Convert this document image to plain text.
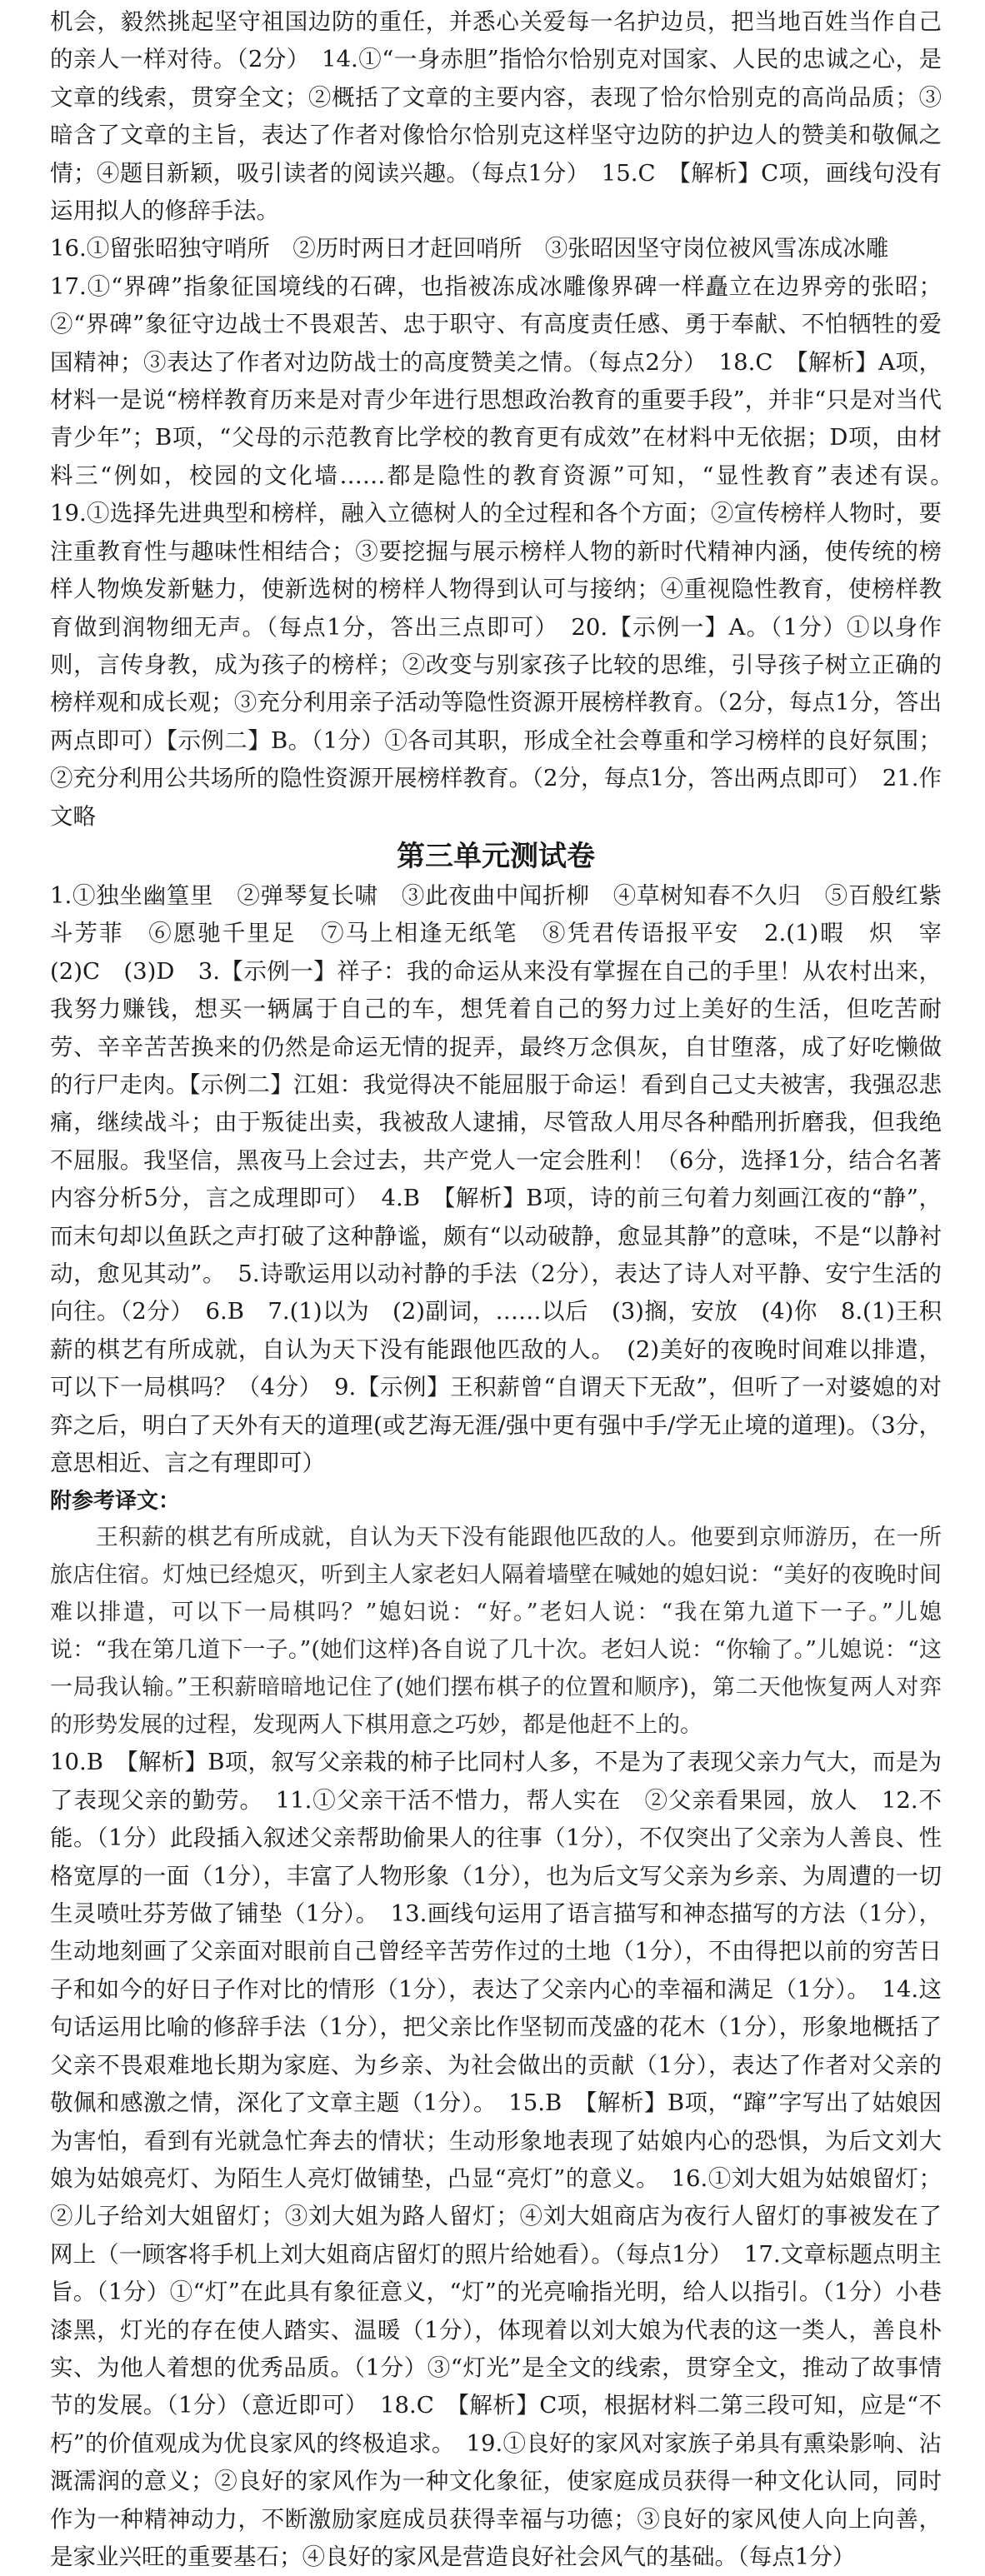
机会，毅然挑起坚守祖国边防的重任，并悉心关爱每一名护边员，把当地百姓当作自己的亲人一样对待。（2分）　14.①“一身赤胆”指恰尔恰别克对国家、人民的忠诚之心，是文章的线索，贯穿全文；②概括了文章的主要内容，表现了恰尔恰别克的高尚品质；③暗含了文章的主旨，表达了作者对像恰尔恰别克这样坚守边防的护边人的赞美和敬佩之情；④题目新颖，吸引读者的阅读兴趣。（每点1分）　15.C　【解析】C项，画线句没有运用拟人的修辞手法。
16.①留张昭独守哨所　②历时两日才赶回哨所　③张昭因坚守岗位被风雪冻成冰雕
17.①“界碑”指象征国境线的石碑，也指被冻成冰雕像界碑一样矗立在边界旁的张昭；②“界碑”象征守边战士不畏艰苦、忠于职守、有高度责任感、勇于奉献、不怕牺牲的爱国精神；③表达了作者对边防战士的高度赞美之情。（每点2分）　18.C　【解析】A项，材料一是说“榜样教育历来是对青少年进行思想政治教育的重要手段”，并非“只是对当代青少年”；B项，“父母的示范教育比学校的教育更有成效”在材料中无依据；D项，由材料三“例如，校园的文化墙……都是隐性的教育资源”可知，“显性教育”表述有误。　19.①选择先进典型和榜样，融入立德树人的全过程和各个方面；②宣传榜样人物时，要注重教育性与趣味性相结合；③要挖掘与展示榜样人物的新时代精神内涵，使传统的榜样人物焕发新魅力，使新选树的榜样人物得到认可与接纳；④重视隐性教育，使榜样教育做到润物细无声。（每点1分，答出三点即可）　20.【示例一】A。（1分）①以身作则，言传身教，成为孩子的榜样；②改变与别家孩子比较的思维，引导孩子树立正确的榜样观和成长观；③充分利用亲子活动等隐性资源开展榜样教育。（2分，每点1分，答出两点即可）【示例二】B。（1分）①各司其职，形成全社会尊重和学习榜样的良好氛围；②充分利用公共场所的隐性资源开展榜样教育。（2分，每点1分，答出两点即可）　21.作文略

第三单元测试卷

1.①独坐幽篁里　②弹琴复长啸　③此夜曲中闻折柳　④草树知春不久归　⑤百般红紫斗芳菲　⑥愿驰千里足　⑦马上相逢无纸笔　⑧凭君传语报平安　2.(1)暇　炽　宰　(2)C　(3)D　3.【示例一】祥子：我的命运从来没有掌握在自己的手里！从农村出来，我努力赚钱，想买一辆属于自己的车，想凭着自己的努力过上美好的生活，但吃苦耐劳、辛辛苦苦换来的仍然是命运无情的捉弄，最终万念俱灰，自甘堕落，成了好吃懒做的行尸走肉。【示例二】江姐：我觉得决不能屈服于命运！看到自己丈夫被害，我强忍悲痛，继续战斗；由于叛徒出卖，我被敌人逮捕，尽管敌人用尽各种酷刑折磨我，但我绝不屈服。我坚信，黑夜马上会过去，共产党人一定会胜利！（6分，选择1分，结合名著内容分析5分，言之成理即可）　4.B　【解析】B项，诗的前三句着力刻画江夜的“静”，而末句却以鱼跃之声打破了这种静谧，颇有“以动破静，愈显其静”的意味，不是“以静衬动，愈见其动”。　5.诗歌运用以动衬静的手法（2分），表达了诗人对平静、安宁生活的向往。（2分）　6.B　7.(1)以为　(2)副词，……以后　(3)搁，安放　(4)你　8.(1)王积薪的棋艺有所成就，自认为天下没有能跟他匹敌的人。　(2)美好的夜晚时间难以排遣，可以下一局棋吗？（4分）　9.【示例】王积薪曾“自谓天下无敌”，但听了一对婆媳的对弈之后，明白了天外有天的道理(或艺海无涯/强中更有强中手/学无止境的道理)。（3分，意思相近、言之有理即可）

附参考译文：

　　王积薪的棋艺有所成就，自认为天下没有能跟他匹敌的人。他要到京师游历，在一所旅店住宿。灯烛已经熄灭，听到主人家老妇人隔着墙壁在喊她的媳妇说：“美好的夜晚时间难以排遣，可以下一局棋吗？”媳妇说：“好。”老妇人说：“我在第九道下一子。”儿媳说：“我在第几道下一子。”(她们这样)各自说了几十次。老妇人说：“你输了。”儿媳说：“这一局我认输。”王积薪暗暗地记住了(她们摆布棋子的位置和顺序)，第二天他恢复两人对弈的形势发展的过程，发现两人下棋用意之巧妙，都是他赶不上的。

10.B　【解析】B项，叙写父亲栽的柿子比同村人多，不是为了表现父亲力气大，而是为了表现父亲的勤劳。　11.①父亲干活不惜力，帮人实在　②父亲看果园，放人　12.不能。（1分）此段插入叙述父亲帮助偷果人的往事（1分），不仅突出了父亲为人善良、性格宽厚的一面（1分），丰富了人物形象（1分），也为后文写父亲为乡亲、为周遭的一切生灵喷吐芬芳做了铺垫（1分）。　13.画线句运用了语言描写和神态描写的方法（1分），生动地刻画了父亲面对眼前自己曾经辛苦劳作过的土地（1分），不由得把以前的穷苦日子和如今的好日子作对比的情形（1分），表达了父亲内心的幸福和满足（1分）。　14.这句话运用比喻的修辞手法（1分），把父亲比作坚韧而茂盛的花木（1分），形象地概括了父亲不畏艰难地长期为家庭、为乡亲、为社会做出的贡献（1分），表达了作者对父亲的敬佩和感激之情，深化了文章主题（1分）。　15.B　【解析】B项，“蹿”字写出了姑娘因为害怕，看到有光就急忙奔去的情状；生动形象地表现了姑娘内心的恐惧，为后文刘大娘为姑娘亮灯、为陌生人亮灯做铺垫，凸显“亮灯”的意义。　16.①刘大姐为姑娘留灯；②儿子给刘大姐留灯；③刘大姐为路人留灯；④刘大姐商店为夜行人留灯的事被发在了网上（一顾客将手机上刘大姐商店留灯的照片给她看）。（每点1分）　17.文章标题点明主旨。（1分）①“灯”在此具有象征意义，“灯”的光亮喻指光明，给人以指引。（1分）小巷漆黑，灯光的存在使人踏实、温暖（1分），体现着以刘大娘为代表的这一类人，善良朴实、为他人着想的优秀品质。（1分）③“灯光”是全文的线索，贯穿全文，推动了故事情节的发展。（1分）（意近即可）　18.C　【解析】C项，根据材料二第三段可知，应是“不朽”的价值观成为优良家风的终极追求。　19.①良好的家风对家族子弟具有熏染影响、沾溉濡润的意义；②良好的家风作为一种文化象征，使家庭成员获得一种文化认同，同时作为一种精神动力，不断激励家庭成员获得幸福与功德；③良好的家风使人向上向善，是家业兴旺的重要基石；④良好的家风是营造良好社会风气的基础。（每点1分）
